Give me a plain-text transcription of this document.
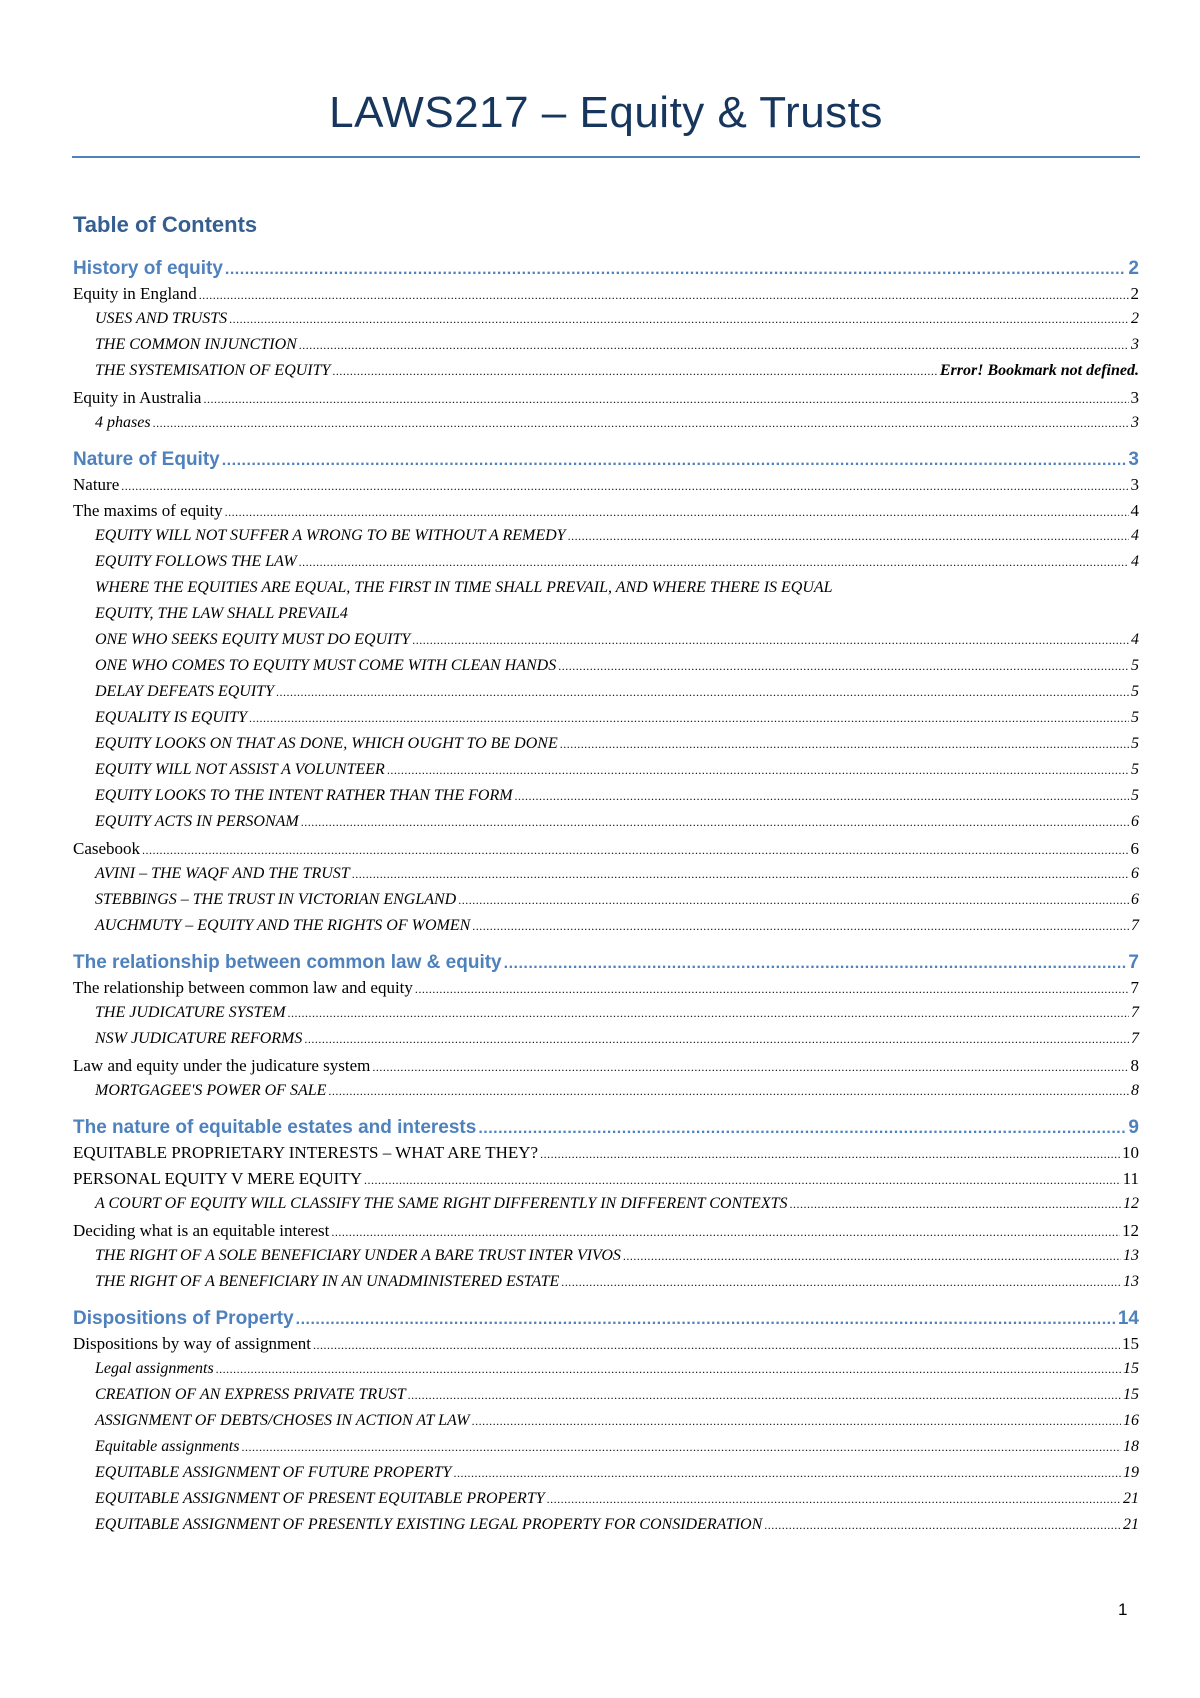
LAWS217 – Equity & Trusts
Table of Contents
History of equity .....	2
Equity in England .....	2
USES AND TRUSTS .....	2
THE COMMON INJUNCTION .....	3
THE SYSTEMISATION OF EQUITY .....	Error! Bookmark not defined.
Equity in Australia .....	3
4 phases .....	3
Nature of Equity .....	3
Nature .....	3
The maxims of equity .....	4
EQUITY WILL NOT SUFFER A WRONG TO BE WITHOUT A REMEDY .....	4
EQUITY FOLLOWS THE LAW .....	4
WHERE THE EQUITIES ARE EQUAL, THE FIRST IN TIME SHALL PREVAIL, AND WHERE THERE IS EQUAL
EQUITY, THE LAW SHALL PREVAIL 4
ONE WHO SEEKS EQUITY MUST DO EQUITY .....	4
ONE WHO COMES TO EQUITY MUST COME WITH CLEAN HANDS .....	5
DELAY DEFEATS EQUITY .....	5
EQUALITY IS EQUITY .....	5
EQUITY LOOKS ON THAT AS DONE, WHICH OUGHT TO BE DONE .....	5
EQUITY WILL NOT ASSIST A VOLUNTEER .....	5
EQUITY LOOKS TO THE INTENT RATHER THAN THE FORM .....	5
EQUITY ACTS IN PERSONAM .....	6
Casebook .....	6
AVINI – THE WAQF AND THE TRUST .....	6
STEBBINGS – THE TRUST IN VICTORIAN ENGLAND .....	6
AUCHMUTY – EQUITY AND THE RIGHTS OF WOMEN .....	7
The relationship between common law & equity .....	7
The relationship between common law and equity .....	7
THE JUDICATURE SYSTEM .....	7
NSW JUDICATURE REFORMS .....	7
Law and equity under the judicature system .....	8
MORTGAGEE'S POWER OF SALE .....	8
The nature of equitable estates and interests .....	9
EQUITABLE PROPRIETARY INTERESTS – WHAT ARE THEY? .....	10
PERSONAL EQUITY V MERE EQUITY .....	11
A COURT OF EQUITY WILL CLASSIFY THE SAME RIGHT DIFFERENTLY IN DIFFERENT CONTEXTS .....	12
Deciding what is an equitable interest .....	12
THE RIGHT OF A SOLE BENEFICIARY UNDER A BARE TRUST INTER VIVOS .....	13
THE RIGHT OF A BENEFICIARY IN AN UNADMINISTERED ESTATE .....	13
Dispositions of Property .....	14
Dispositions by way of assignment .....	15
Legal assignments .....	15
CREATION OF AN EXPRESS PRIVATE TRUST .....	15
ASSIGNMENT OF DEBTS/CHOSES IN ACTION AT LAW .....	16
Equitable assignments .....	18
EQUITABLE ASSIGNMENT OF FUTURE PROPERTY .....	19
EQUITABLE ASSIGNMENT OF PRESENT EQUITABLE PROPERTY .....	21
EQUITABLE ASSIGNMENT OF PRESENTLY EXISTING LEGAL PROPERTY FOR CONSIDERATION .....	21
1
